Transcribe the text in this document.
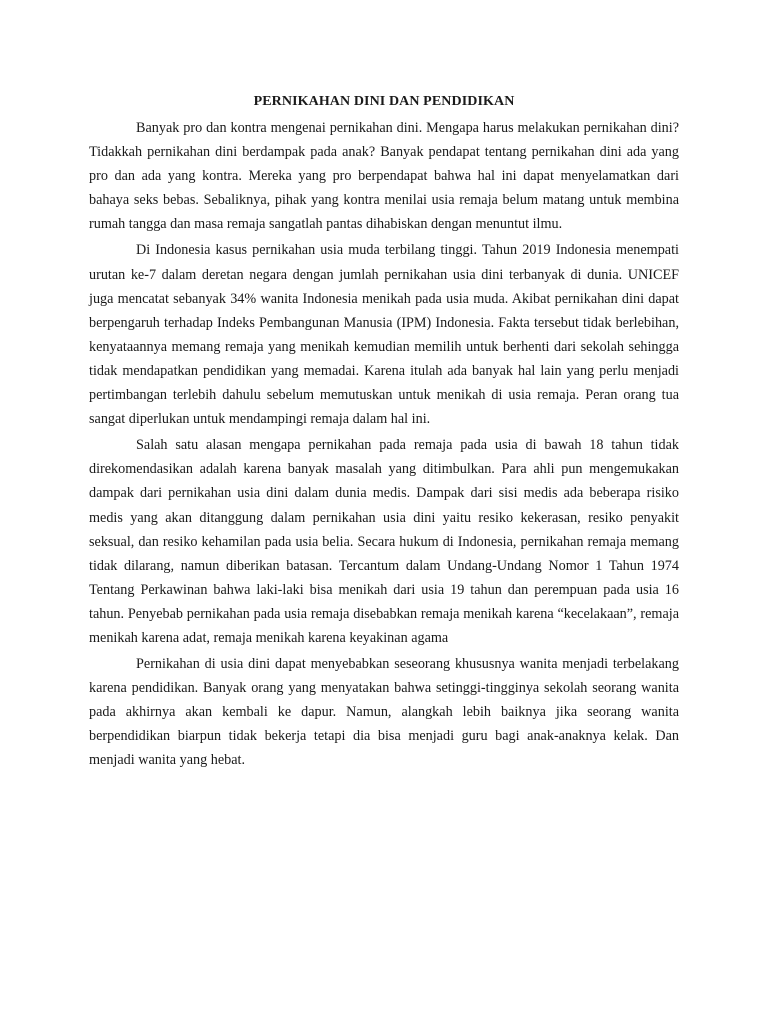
PERNIKAHAN DINI DAN PENDIDIKAN

Banyak pro dan kontra mengenai pernikahan dini. Mengapa harus melakukan pernikahan dini? Tidakkah pernikahan dini berdampak pada anak? Banyak pendapat tentang pernikahan dini ada yang pro dan ada yang kontra. Mereka yang pro berpendapat bahwa hal ini dapat menyelamatkan dari bahaya seks bebas. Sebaliknya, pihak yang kontra menilai usia remaja belum matang untuk membina rumah tangga dan masa remaja sangatlah pantas dihabiskan dengan menuntut ilmu.

Di Indonesia kasus pernikahan usia muda terbilang tinggi. Tahun 2019 Indonesia menempati urutan ke-7 dalam deretan negara dengan jumlah pernikahan usia dini terbanyak di dunia. UNICEF juga mencatat sebanyak 34% wanita Indonesia menikah pada usia muda. Akibat pernikahan dini dapat berpengaruh terhadap Indeks Pembangunan Manusia (IPM) Indonesia. Fakta tersebut tidak berlebihan, kenyataannya memang remaja yang menikah kemudian memilih untuk berhenti dari sekolah sehingga tidak mendapatkan pendidikan yang memadai. Karena itulah ada banyak hal lain yang perlu menjadi pertimbangan terlebih dahulu sebelum memutuskan untuk menikah di usia remaja. Peran orang tua sangat diperlukan untuk mendampingi remaja dalam hal ini.

Salah satu alasan mengapa pernikahan pada remaja pada usia di bawah 18 tahun tidak direkomendasikan adalah karena banyak masalah yang ditimbulkan. Para ahli pun mengemukakan dampak dari pernikahan usia dini dalam dunia medis. Dampak dari sisi medis ada beberapa risiko medis yang akan ditanggung dalam pernikahan usia dini yaitu resiko kekerasan, resiko penyakit seksual, dan resiko kehamilan pada usia belia. Secara hukum di Indonesia, pernikahan remaja memang tidak dilarang, namun diberikan batasan. Tercantum dalam Undang-Undang Nomor 1 Tahun 1974 Tentang Perkawinan bahwa laki-laki bisa menikah dari usia 19 tahun dan perempuan pada usia 16 tahun. Penyebab pernikahan pada usia remaja disebabkan remaja menikah karena “kecelakaan”, remaja menikah karena adat, remaja menikah karena keyakinan agama

Pernikahan di usia dini dapat menyebabkan seseorang khususnya wanita menjadi terbelakang karena pendidikan. Banyak orang yang menyatakan bahwa setinggi-tingginya sekolah seorang wanita pada akhirnya akan kembali ke dapur. Namun, alangkah lebih baiknya jika seorang wanita berpendidikan biarpun tidak bekerja tetapi dia bisa menjadi guru bagi anak-anaknya kelak. Dan menjadi wanita yang hebat.
